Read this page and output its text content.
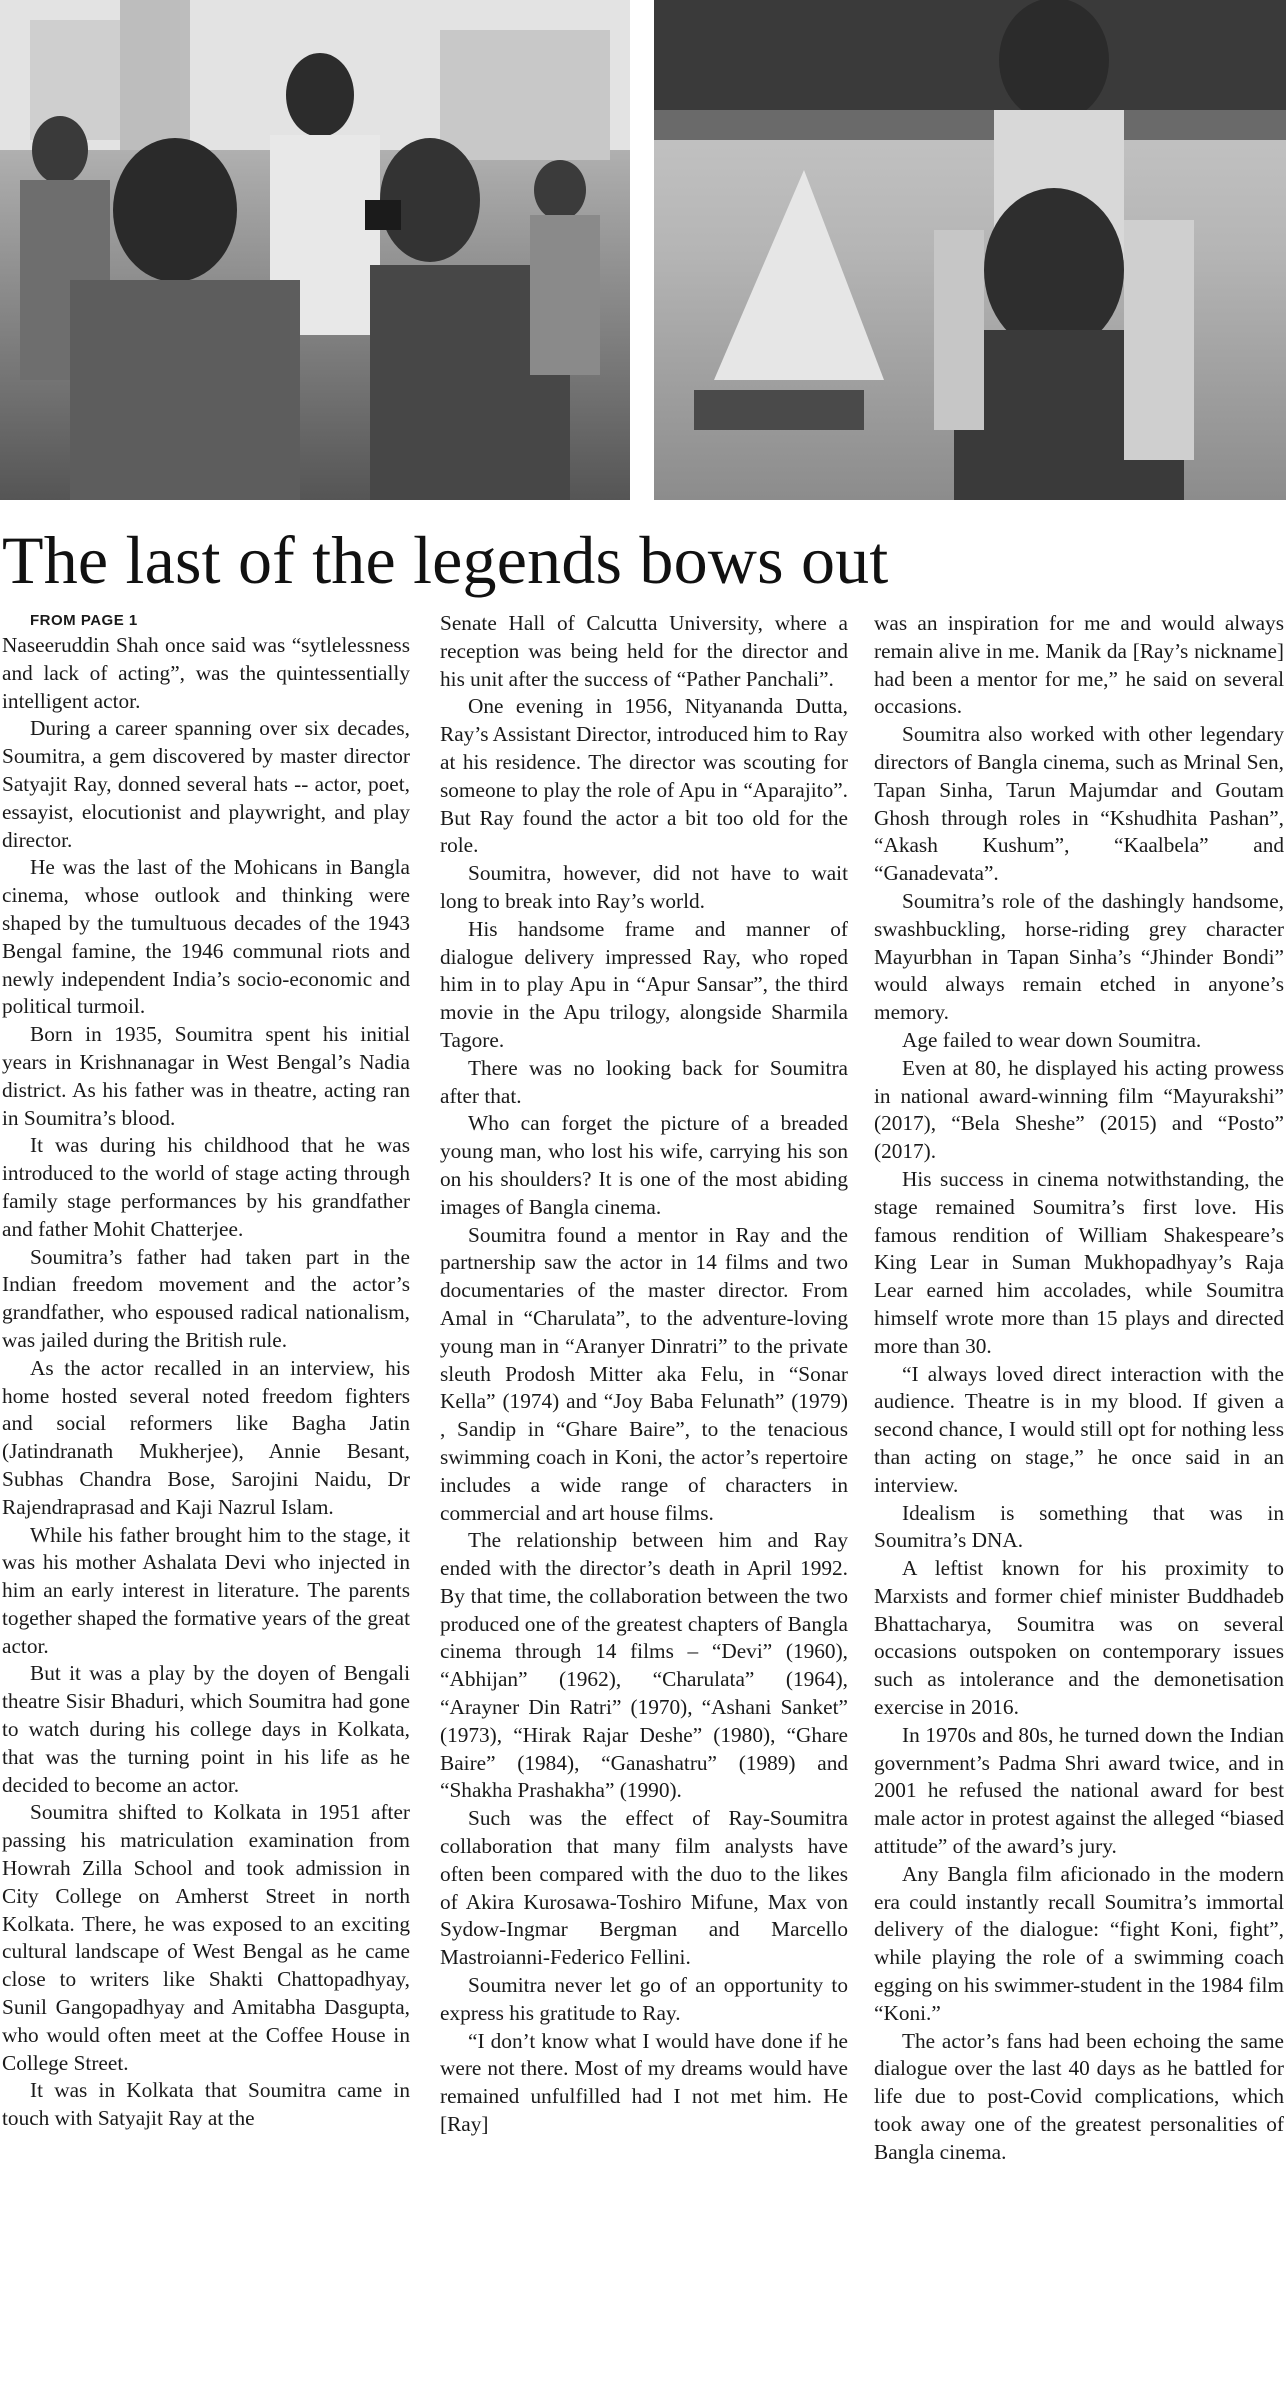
The last of the legends bows out

FROM PAGE 1

Naseeruddin Shah once said was “sytlelessness and lack of acting”, was the quintessentially intelligent actor.

During a career spanning over six decades, Soumitra, a gem discovered by master director Satyajit Ray, donned several hats -- actor, poet, essayist, elocutionist and playwright, and play director.

He was the last of the Mohicans in Bangla cinema, whose outlook and thinking were shaped by the tumultuous decades of the 1943 Bengal famine, the 1946 communal riots and newly independent India’s socio-economic and political turmoil.

Born in 1935, Soumitra spent his initial years in Krishnanagar in West Bengal’s Nadia district. As his father was in theatre, acting ran in Soumitra’s blood.

It was during his childhood that he was introduced to the world of stage acting through family stage performances by his grandfather and father Mohit Chatterjee.

Soumitra’s father had taken part in the Indian freedom movement and the actor’s grandfather, who espoused radical nationalism, was jailed during the British rule.

As the actor recalled in an interview, his home hosted several noted freedom fighters and social reformers like Bagha Jatin (Jatindranath Mukherjee), Annie Besant, Subhas Chandra Bose, Sarojini Naidu, Dr Rajendraprasad and Kaji Nazrul Islam.

While his father brought him to the stage, it was his mother Ashalata Devi who injected in him an early interest in literature. The parents together shaped the formative years of the great actor.

But it was a play by the doyen of Bengali theatre Sisir Bhaduri, which Soumitra had gone to watch during his college days in Kolkata, that was the turning point in his life as he decided to become an actor.

Soumitra shifted to Kolkata in 1951 after passing his matriculation examination from Howrah Zilla School and took admission in City College on Amherst Street in north Kolkata. There, he was exposed to an exciting cultural landscape of West Bengal as he came close to writers like Shakti Chattopadhyay, Sunil Gangopadhyay and Amitabha Dasgupta, who would often meet at the Coffee House in College Street.

It was in Kolkata that Soumitra came in touch with Satyajit Ray at the

Senate Hall of Calcutta University, where a reception was being held for the director and his unit after the success of “Pather Panchali”.

One evening in 1956, Nityananda Dutta, Ray’s Assistant Director, introduced him to Ray at his residence. The director was scouting for someone to play the role of Apu in “Aparajito”. But Ray found the actor a bit too old for the role.

Soumitra, however, did not have to wait long to break into Ray’s world.

His handsome frame and manner of dialogue delivery impressed Ray, who roped him in to play Apu in “Apur Sansar”, the third movie in the Apu trilogy, alongside Sharmila Tagore.

There was no looking back for Soumitra after that.

Who can forget the picture of a breaded young man, who lost his wife, carrying his son on his shoulders? It is one of the most abiding images of Bangla cinema.

Soumitra found a mentor in Ray and the partnership saw the actor in 14 films and two documentaries of the master director. From Amal in “Charulata”, to the adventure-loving young man in “Aranyer Dinratri” to the private sleuth Prodosh Mitter aka Felu, in “Sonar Kella” (1974) and “Joy Baba Felunath” (1979) , Sandip in “Ghare Baire”, to the tenacious swimming coach in Koni, the actor’s repertoire includes a wide range of characters in commercial and art house films.

The relationship between him and Ray ended with the director’s death in April 1992. By that time, the collaboration between the two produced one of the greatest chapters of Bangla cinema through 14 films – “Devi” (1960), “Abhijan” (1962), “Charulata” (1964), “Arayner Din Ratri” (1970), “Ashani Sanket” (1973), “Hirak Rajar Deshe” (1980), “Ghare Baire” (1984), “Ganashatru” (1989) and “Shakha Prashakha” (1990).

Such was the effect of Ray-Soumitra collaboration that many film analysts have often been compared with the duo to the likes of Akira Kurosawa-Toshiro Mifune, Max von Sydow-Ingmar Bergman and Marcello Mastroianni-Federico Fellini.

Soumitra never let go of an opportunity to express his gratitude to Ray.

“I don’t know what I would have done if he were not there. Most of my dreams would have remained unfulfilled had I not met him. He [Ray]

was an inspiration for me and would always remain alive in me. Manik da [Ray’s nickname] had been a mentor for me,” he said on several occasions.

Soumitra also worked with other legendary directors of Bangla cinema, such as Mrinal Sen, Tapan Sinha, Tarun Majumdar and Goutam Ghosh through roles in “Kshudhita Pashan”, “Akash Kushum”, “Kaalbela” and “Ganadevata”.

Soumitra’s role of the dashingly handsome, swashbuckling, horse-riding grey character Mayurbhan in Tapan Sinha’s “Jhinder Bondi” would always remain etched in anyone’s memory.

Age failed to wear down Soumitra.

Even at 80, he displayed his acting prowess in national award-winning film “Mayurakshi” (2017), “Bela Sheshe” (2015) and “Posto” (2017).

His success in cinema notwithstanding, the stage remained Soumitra’s first love. His famous rendition of William Shakespeare’s King Lear in Suman Mukhopadhyay’s Raja Lear earned him accolades, while Soumitra himself wrote more than 15 plays and directed more than 30.

“I always loved direct interaction with the audience. Theatre is in my blood. If given a second chance, I would still opt for nothing less than acting on stage,” he once said in an interview.

Idealism is something that was in Soumitra’s DNA.

A leftist known for his proximity to Marxists and former chief minister Buddhadeb Bhattacharya, Soumitra was on several occasions outspoken on contemporary issues such as intolerance and the demonetisation exercise in 2016.

In 1970s and 80s, he turned down the Indian government’s Padma Shri award twice, and in 2001 he refused the national award for best male actor in protest against the alleged “biased attitude” of the award’s jury.

Any Bangla film aficionado in the modern era could instantly recall Soumitra’s immortal delivery of the dialogue: “fight Koni, fight”, while playing the role of a swimming coach egging on his swimmer-student in the 1984 film “Koni.”

The actor’s fans had been echoing the same dialogue over the last 40 days as he battled for life due to post-Covid complications, which took away one of the greatest personalities of Bangla cinema.
